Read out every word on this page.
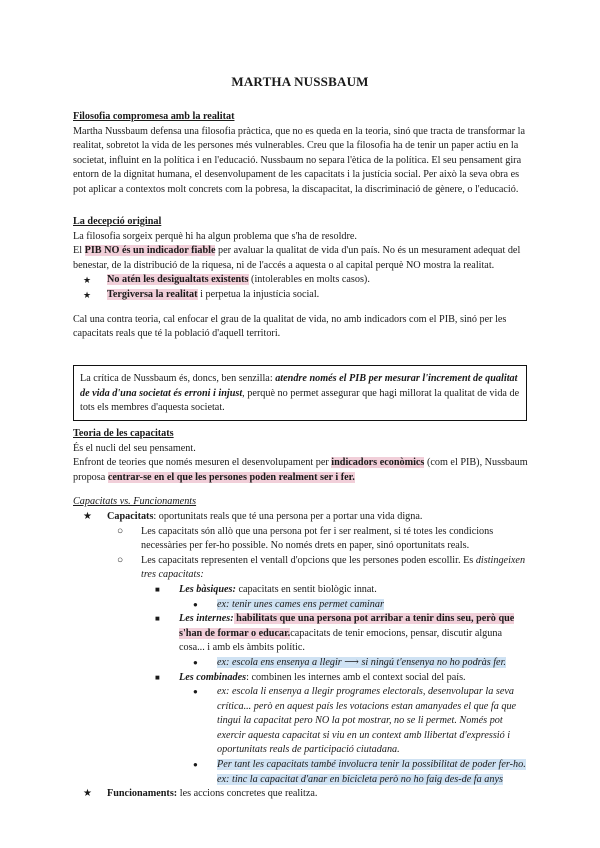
MARTHA NUSSBAUM
Filosofia compromesa amb la realitat
Martha Nussbaum defensa una filosofia pràctica, que no es queda en la teoria, sinó que tracta de transformar la realitat, sobretot la vida de les persones més vulnerables. Creu que la filosofia ha de tenir un paper actiu en la societat, influint en la política i en l'educació. Nussbaum no separa l'ètica de la política. El seu pensament gira entorn de la dignitat humana, el desenvolupament de les capacitats i la justícia social. Per això la seva obra es pot aplicar a contextos molt concrets com la pobresa, la discapacitat, la discriminació de gènere, o l'educació.
La decepció original
La filosofia sorgeix perquè hi ha algun problema que s'ha de resoldre.
El PIB NO és un indicador fiable per avaluar la qualitat de vida d'un país. No és un mesurament adequat del benestar, de la distribució de la riquesa, ni de l'accés a aquesta o al capital perquè NO mostra la realitat.
★	No atén les desigualtats existents (intolerables en molts casos).
★	Tergiversa la realitat i perpetua la injustícia social.
Cal una contra teoria, cal enfocar el grau de la qualitat de vida, no amb indicadors com el PIB, sinó per les capacitats reals que té la població d'aquell territori.
La crítica de Nussbaum és, doncs, ben senzilla: atendre només el PIB per mesurar l'increment de qualitat de vida d'una societat és erroni i injust, perquè no permet assegurar que hagi millorat la qualitat de vida de tots els membres d'aquesta societat.
Teoria de les capacitats
És el nucli del seu pensament.
Enfront de teories que només mesuren el desenvolupament per indicadors econòmics (com el PIB), Nussbaum proposa centrar-se en el que les persones poden realment ser i fer.
Capacitats vs. Funcionaments
★	Capacitats: oportunitats reals que té una persona per a portar una vida digna.
○	Les capacitats són allò que una persona pot fer i ser realment, si té totes les condicions necessàries per fer-ho possible. No només drets en paper, sinó oportunitats reals.
○	Les capacitats representen el ventall d'opcions que les persones poden escollir. Es distingeixen tres capacitats:
■	Les bàsiques: capacitats en sentit biològic innat.
●	ex: tenir unes cames ens permet caminar
■	Les internes: habilitats que una persona pot arribar a tenir dins seu, però que s'han de formar o educar.capacitats de tenir emocions, pensar, discutir alguna cosa... i amb els àmbits polític.
●	ex: escola ens ensenya a llegir ⟶ si ningú t'ensenya no ho podràs fer.
■	Les combinades: combinen les internes amb el context social del país.
●	ex: escola li ensenya a llegir programes electorals, desenvolupar la seva crítica... però en aquest país les votacions estan amanyades el que fa que tingui la capacitat pero NO la pot mostrar, no se li permet. Només pot exercir aquesta capacitat si viu en un context amb llibertat d'expressió i oportunitats reals de participació ciutadana.
●	Per tant les capacitats també involucra tenir la possibilitat de poder fer-ho.
ex: tinc la capacitat d'anar en bicicleta però no ho faig des-de fa anys
★	Funcionaments: les accions concretes que realitza.
